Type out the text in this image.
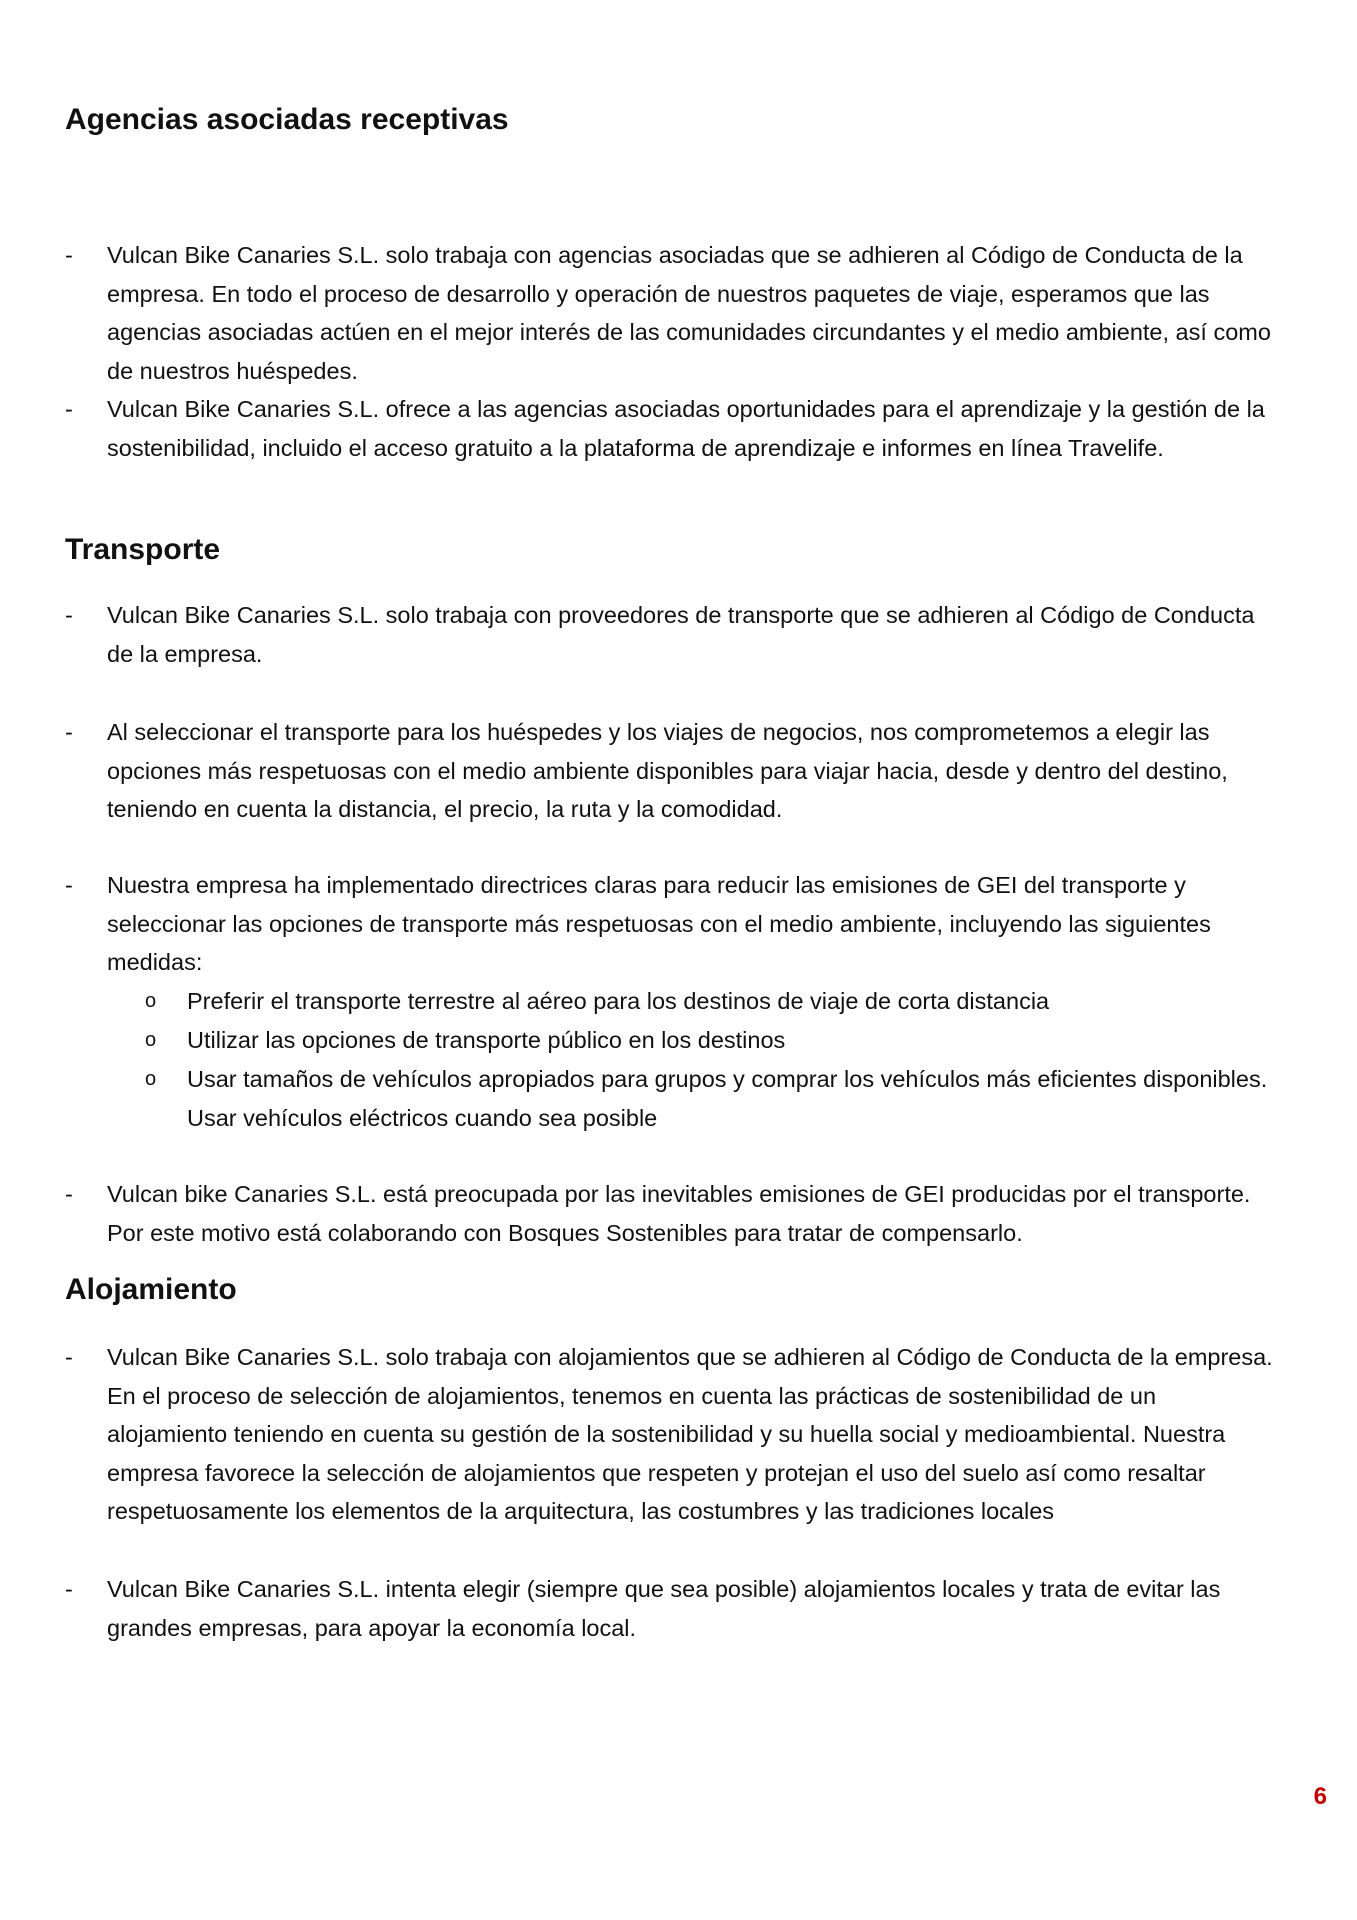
Agencias asociadas receptivas
-	Vulcan Bike Canaries S.L. solo trabaja con agencias asociadas que se adhieren al Código de Conducta de la empresa. En todo el proceso de desarrollo y operación de nuestros paquetes de viaje, esperamos que las agencias asociadas actúen en el mejor interés de las comunidades circundantes y el medio ambiente, así como de nuestros huéspedes.
-	Vulcan Bike Canaries S.L. ofrece a las agencias asociadas oportunidades para el aprendizaje y la gestión de la sostenibilidad, incluido el acceso gratuito a la plataforma de aprendizaje e informes en línea Travelife.
Transporte
-	Vulcan Bike Canaries S.L. solo trabaja con proveedores de transporte que se adhieren al Código de Conducta de la empresa.
-	Al seleccionar el transporte para los huéspedes y los viajes de negocios, nos comprometemos a elegir las opciones más respetuosas con el medio ambiente disponibles para viajar hacia, desde y dentro del destino, teniendo en cuenta la distancia, el precio, la ruta y la comodidad.
-	Nuestra empresa ha implementado directrices claras para reducir las emisiones de GEI del transporte y seleccionar las opciones de transporte más respetuosas con el medio ambiente, incluyendo las siguientes medidas:
o Preferir el transporte terrestre al aéreo para los destinos de viaje de corta distancia
o Utilizar las opciones de transporte público en los destinos
o Usar tamaños de vehículos apropiados para grupos y comprar los vehículos más eficientes disponibles. Usar vehículos eléctricos cuando sea posible
-	Vulcan bike Canaries S.L. está preocupada por las inevitables emisiones de GEI producidas por el transporte. Por este motivo está colaborando con Bosques Sostenibles para tratar de compensarlo.
Alojamiento
-	Vulcan Bike Canaries S.L. solo trabaja con alojamientos que se adhieren al Código de Conducta de la empresa. En el proceso de selección de alojamientos, tenemos en cuenta las prácticas de sostenibilidad de un alojamiento teniendo en cuenta su gestión de la sostenibilidad y su huella social y medioambiental. Nuestra empresa favorece la selección de alojamientos que respeten y protejan el uso del suelo así como resaltar respetuosamente los elementos de la arquitectura, las costumbres y las tradiciones locales
-	Vulcan Bike Canaries S.L. intenta elegir (siempre que sea posible) alojamientos locales y trata de evitar las grandes empresas, para apoyar la economía local.
6
